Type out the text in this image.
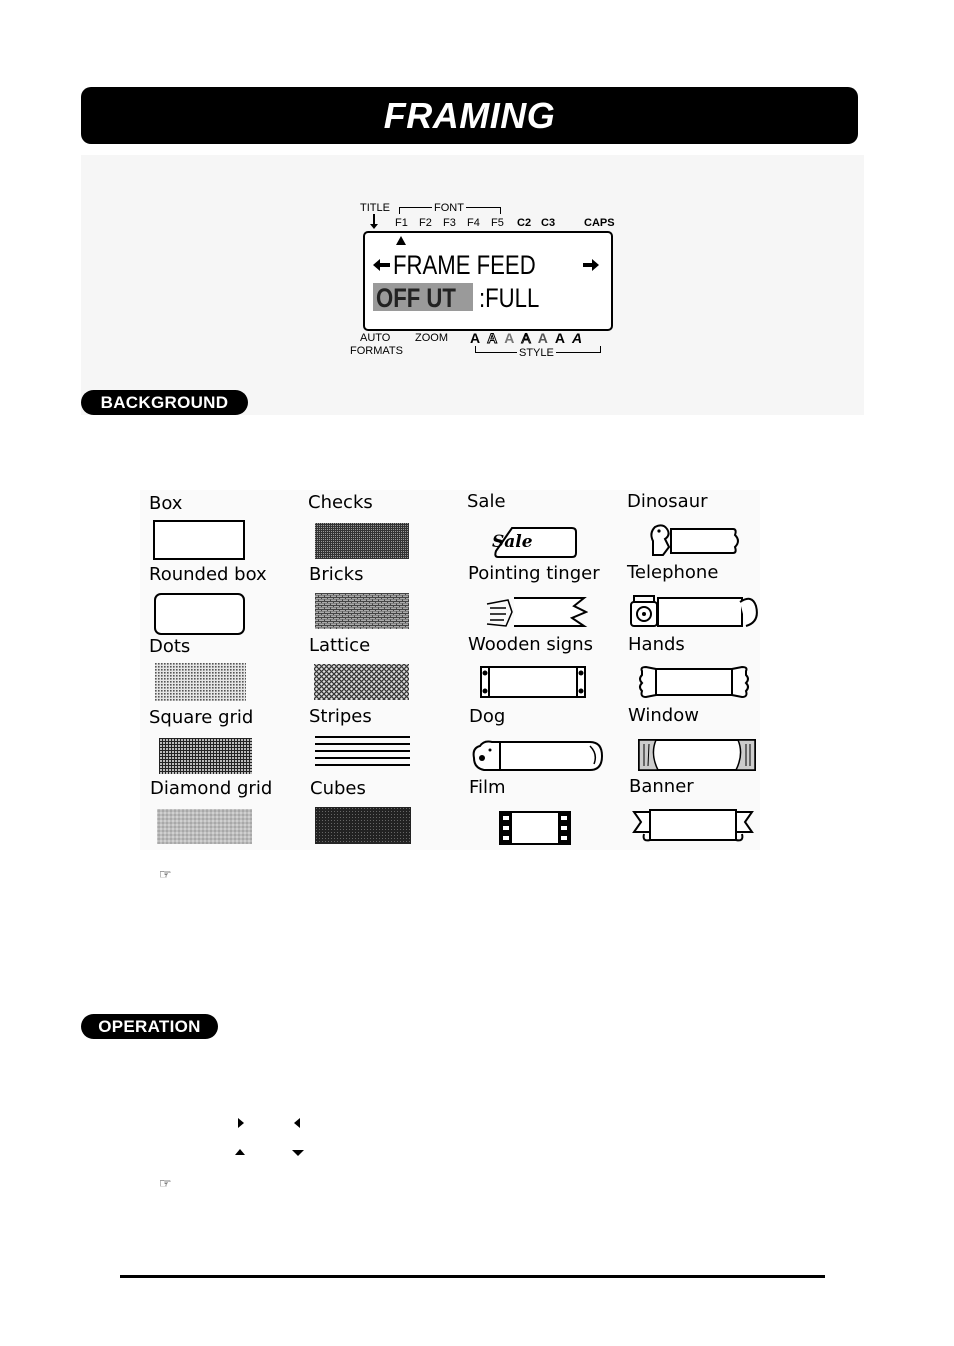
FRAMING
TITLE	FONT
F1 F2 F3 F4 F5 C2 C3	CAPS
FRAME FEED
OFF UT :FULL
AUTO
FORMATS
ZOOM A A A A A A A
STYLE
BACKGROUND
Box
Rounded box
Dots
Square grid
Diamond grid
Checks
Bricks
Lattice
Stripes
Cubes
Sale
Pointing tinger
Wooden signs
Dog
Film
Dinosaur
Telephone
Hands
Window
Banner
Sale
☞
OPERATION
☞
